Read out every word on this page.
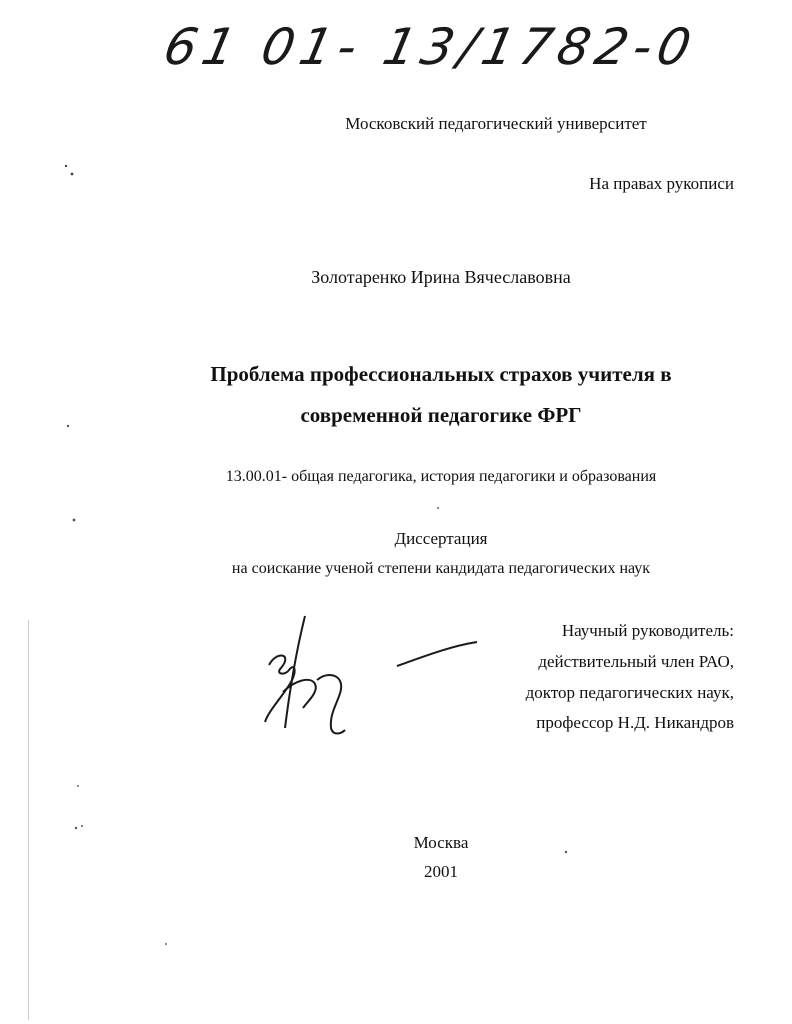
61 01- 13/1782-0
Московский педагогический университет
На правах рукописи
Золотаренко Ирина Вячеславовна
Проблема профессиональных страхов учителя в
современной педагогике ФРГ
13.00.01- общая педагогика, история педагогики и образования
Диссертация
на соискание ученой степени кандидата педагогических наук
Научный руководитель:
действительный член РАО,
доктор педагогических наук,
профессор Н.Д. Никандров
Москва
2001
